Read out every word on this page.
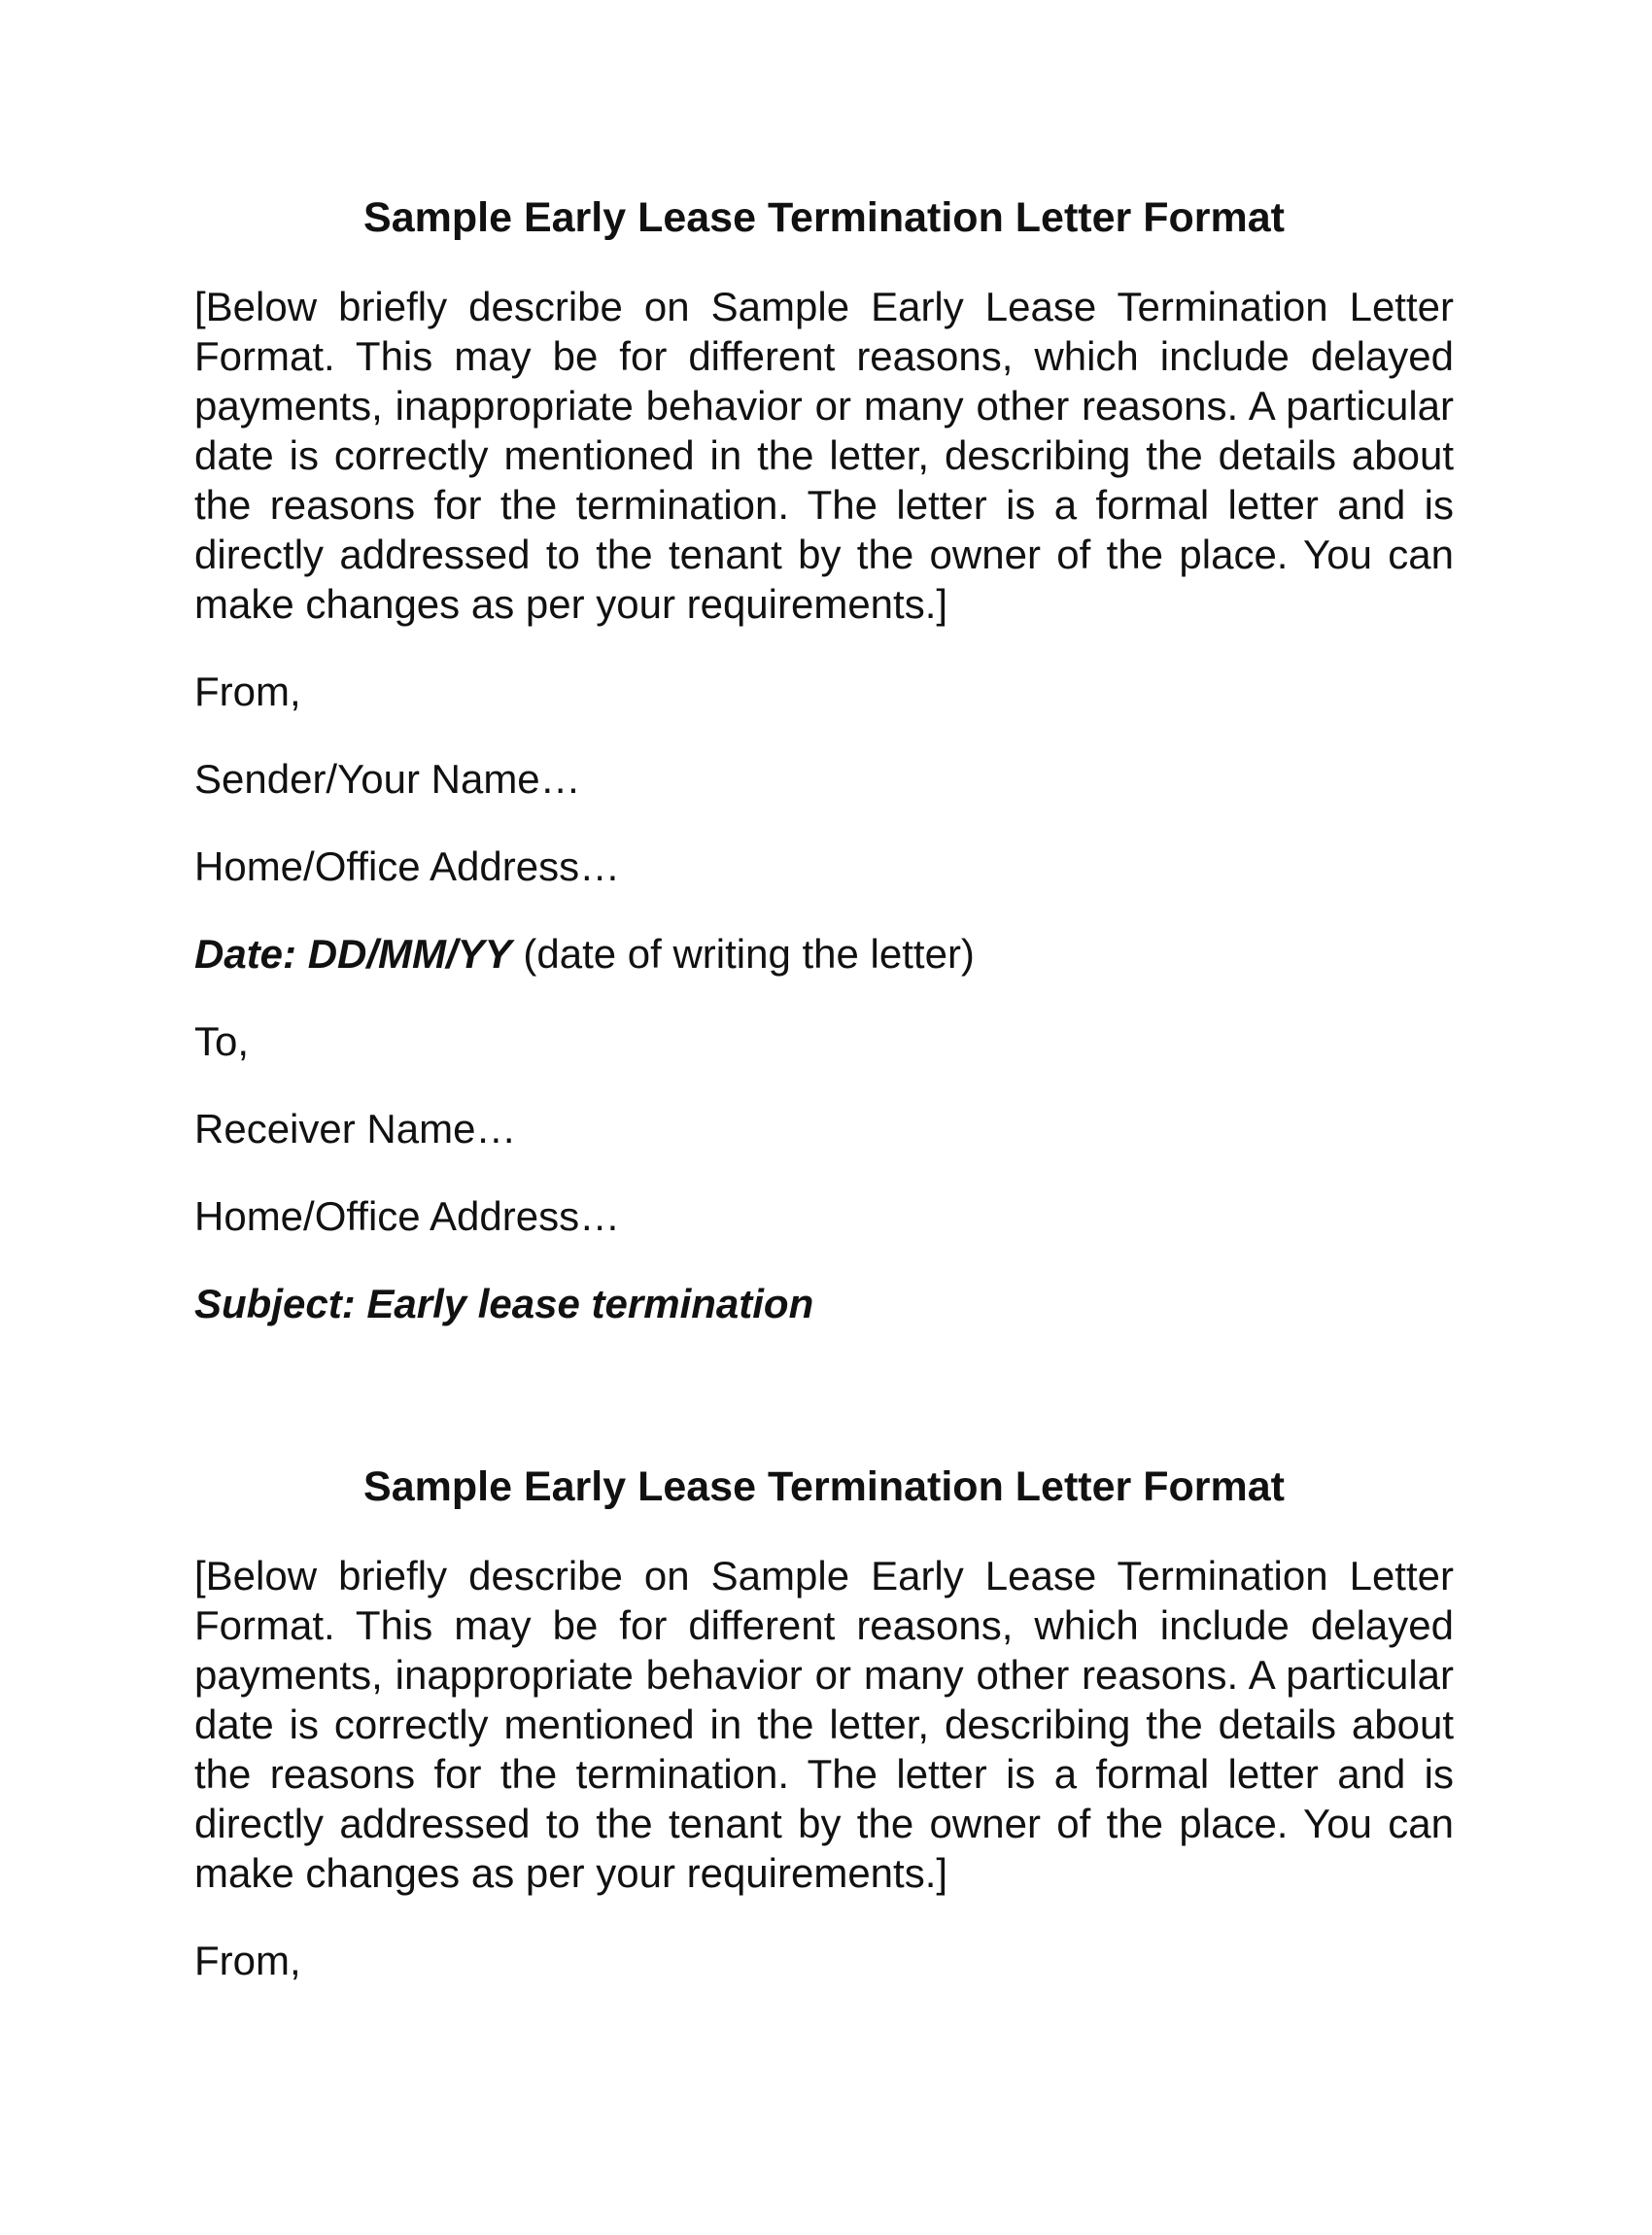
Sample Early Lease Termination Letter Format

[Below briefly describe on Sample Early Lease Termination Letter Format. This may be for different reasons, which include delayed payments, inappropriate behavior or many other reasons. A particular date is correctly mentioned in the letter, describing the details about the reasons for the termination. The letter is a formal letter and is directly addressed to the tenant by the owner of the place. You can make changes as per your requirements.]

From,

Sender/Your Name…

Home/Office Address…

Date: DD/MM/YY (date of writing the letter)

To,

Receiver Name…

Home/Office Address…

Subject: Early lease termination

Sample Early Lease Termination Letter Format

[Below briefly describe on Sample Early Lease Termination Letter Format. This may be for different reasons, which include delayed payments, inappropriate behavior or many other reasons. A particular date is correctly mentioned in the letter, describing the details about the reasons for the termination. The letter is a formal letter and is directly addressed to the tenant by the owner of the place. You can make changes as per your requirements.]

From,
